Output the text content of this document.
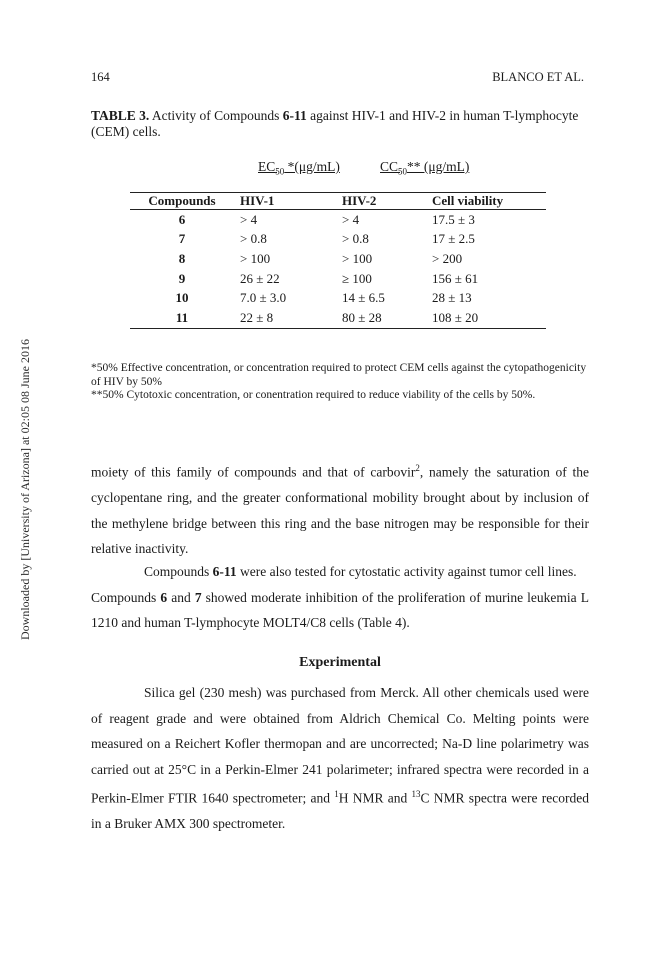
164	BLANCO ET AL.
Downloaded by [University of Arizona] at 02:05 08 June 2016
TABLE 3. Activity of Compounds 6-11 against HIV-1 and HIV-2 in human T-lymphocyte (CEM) cells.
$EC_{50}$ *(μg/mL)	$CC_{50}**$ (μg/mL)
Compounds	HIV-1	HIV-2	Cell viability
6	> 4	> 4	17.5 ± 3
7	> 0.8	> 0.8	17 ± 2.5
8	> 100	> 100	> 200
9	26 ± 22	≥ 100	156 ± 61
10	7.0 ± 3.0	14 ± 6.5	28 ± 13
11	22 ± 8	80 ± 28	108 ± 20

*50% Effective concentration, or concentration required to protect CEM cells against the cytopathogenicity of HIV by 50%

**50% Cytotoxic concentration, or conentration required to reduce viability of the cells by 50%.

moiety of this family of compounds and that of carbovir$^2$, namely the saturation of the cyclopentane ring, and the greater conformational mobility brought about by inclusion of the methylene bridge between this ring and the base nitrogen may be responsible for their relative inactivity.

Compounds 6-11 were also tested for cytostatic activity against tumor cell lines.

Compounds 6 and 7 showed moderate inhibition of the proliferation of murine leukemia L 1210 and human T-lymphocyte MOLT4/C8 cells (Table 4).

Experimental

Silica gel (230 mesh) was purchased from Merck. All other chemicals used were of reagent grade and were obtained from Aldrich Chemical Co. Melting points were measured on a Reichert Kofler thermopan and are uncorrected; Na-D line polarimetry was carried out at 25°C in a Perkin-Elmer 241 polarimeter; infrared spectra were recorded in a Perkin-Elmer FTIR 1640 spectrometer; and $^1$H NMR and $^{13}$C NMR spectra were recorded in a Bruker AMX 300 spectrometer.
